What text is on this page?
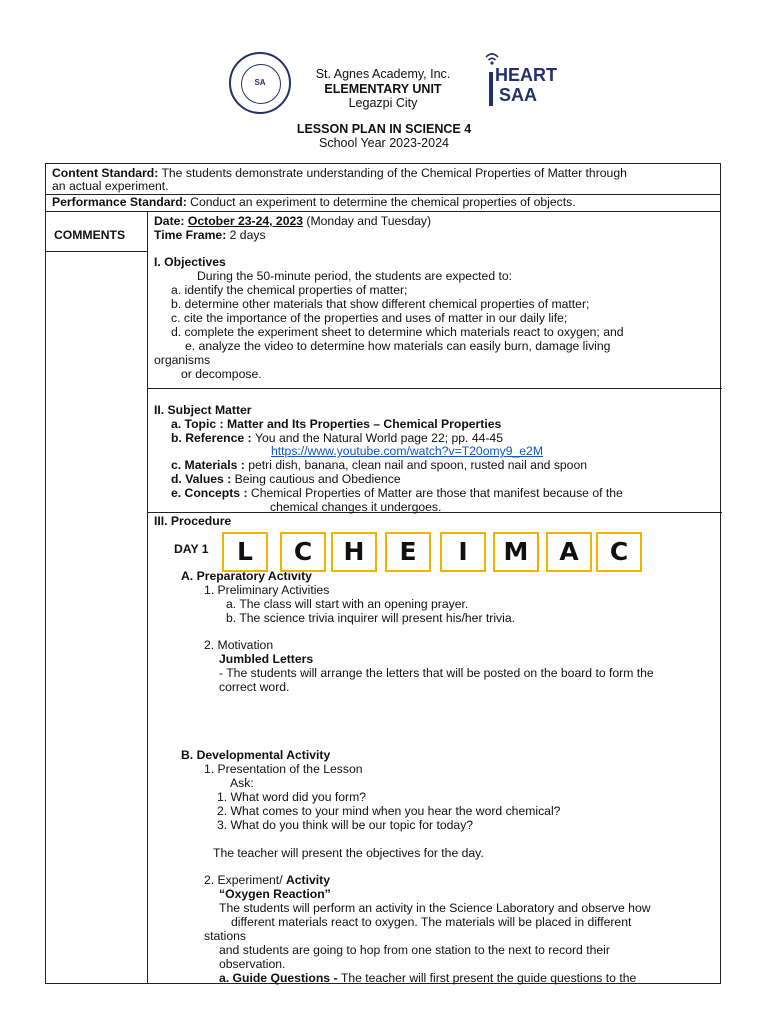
SA
St. Agnes Academy, Inc.
ELEMENTARY UNIT
Legazpi City
HEART
SAA
LESSON PLAN IN SCIENCE 4
School Year 2023-2024
Content Standard: The students demonstrate understanding of the Chemical Properties of Matter through
an actual experiment.
Performance Standard: Conduct an experiment to determine the chemical properties of objects.
COMMENTS
Date: October 23-24, 2023 (Monday and Tuesday)
Time Frame: 2 days
I. Objectives
During the 50-minute period, the students are expected to:
a. identify the chemical properties of matter;
b. determine other materials that show different chemical properties of matter;
c. cite the importance of the properties and uses of matter in our daily life;
d. complete the experiment sheet to determine which materials react to oxygen; and
e. analyze the video to determine how materials can easily burn, damage living
organisms
or decompose.
II. Subject Matter
a. Topic : Matter and Its Properties – Chemical Properties
b. Reference : You and the Natural World page 22; pp. 44-45
https://www.youtube.com/watch?v=T20omy9_e2M
c. Materials : petri dish, banana, clean nail and spoon, rusted nail and spoon
d. Values : Being cautious and Obedience
e. Concepts : Chemical Properties of Matter are those that manifest because of the
chemical changes it undergoes.
III. Procedure
DAY 1
A. Preparatory Activity
1. Preliminary Activities
a. The class will start with an opening prayer.
b. The science trivia inquirer will present his/her trivia.
2. Motivation
Jumbled Letters
- The students will arrange the letters that will be posted on the board to form the
correct word.
B. Developmental Activity
1. Presentation of the Lesson
Ask:
1. What word did you form?
2. What comes to your mind when you hear the word chemical?
3. What do you think will be our topic for today?
The teacher will present the objectives for the day.
2. Experiment/ Activity
“Oxygen Reaction”
The students will perform an activity in the Science Laboratory and observe how
different materials react to oxygen. The materials will be placed in different
stations
and students are going to hop from one station to the next to record their
observation.
a. Guide Questions - The teacher will first present the guide questions to the
L	C	H	E	I	M	A	C
